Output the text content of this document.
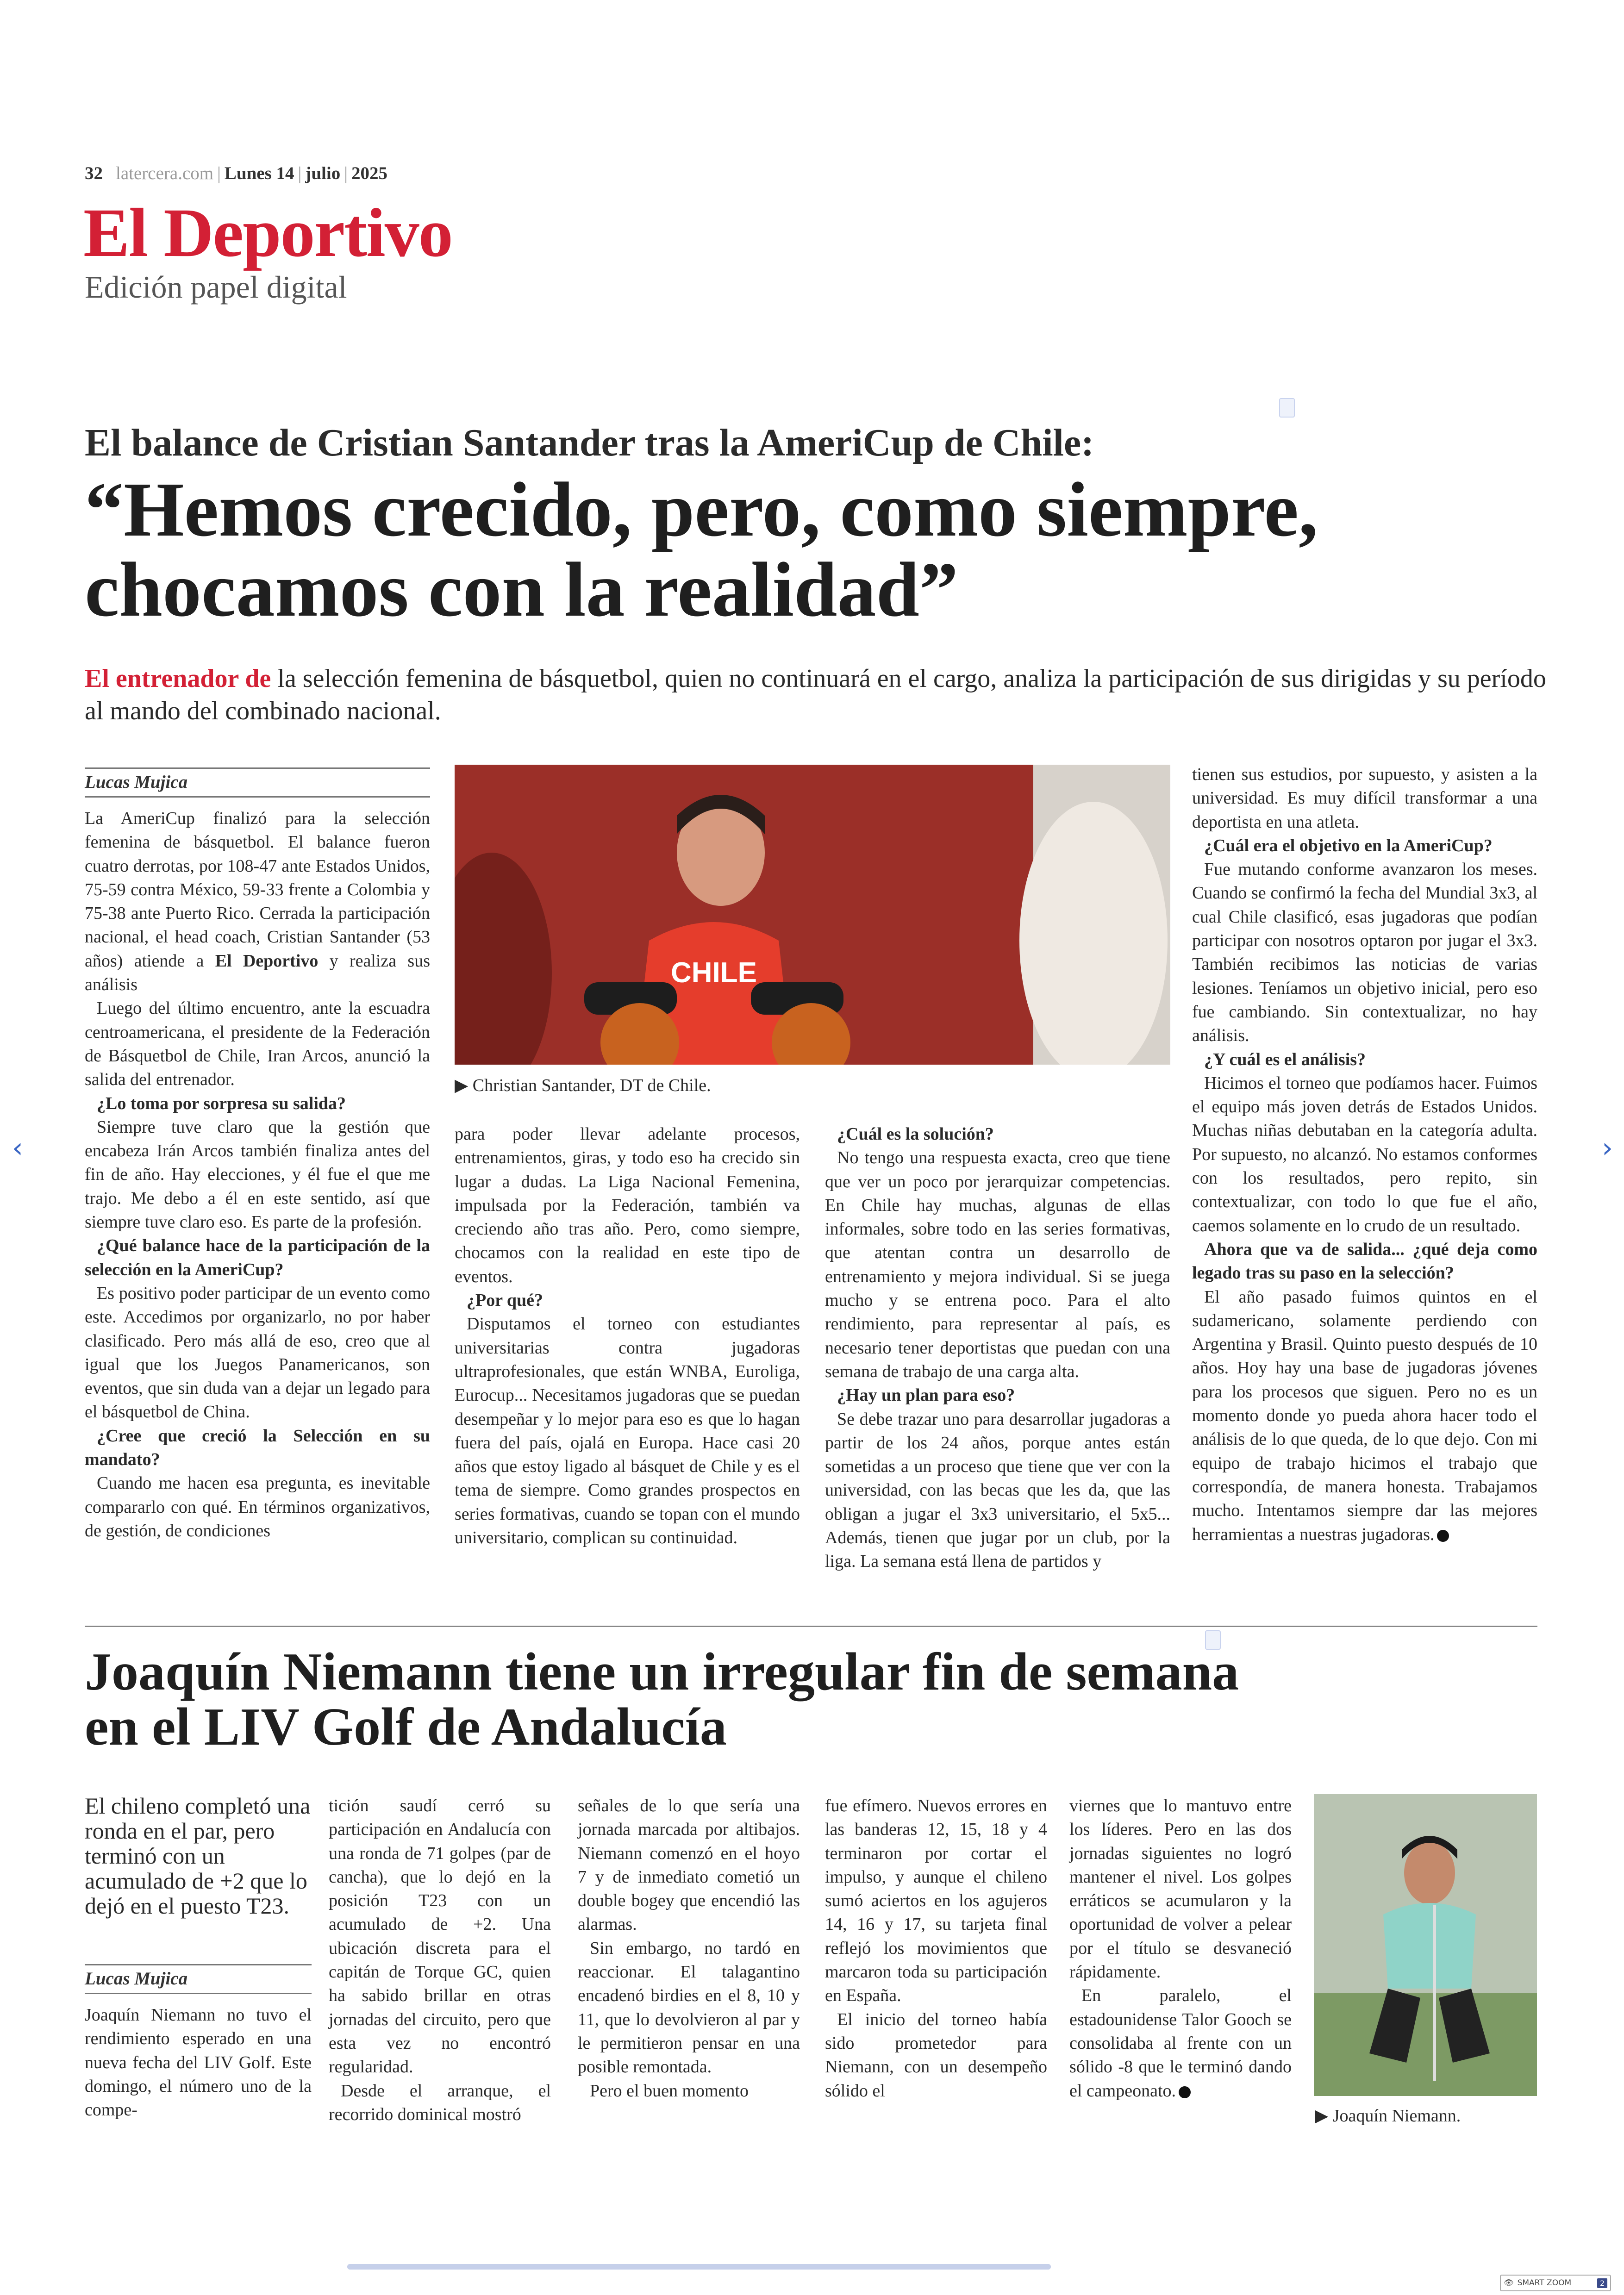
32 latercera.com | Lunes 14 | julio | 2025
El Deportivo
Edición papel digital
El balance de Cristian Santander tras la AmeriCup de Chile:
“Hemos crecido, pero, como siempre, chocamos con la realidad”
El entrenador de la selección femenina de básquetbol, quien no continuará en el cargo, analiza la participación de sus dirigidas y su período al mando del combinado nacional.
Lucas Mujica

La AmeriCup finalizó para la selección femenina de básquetbol. El balance fueron cuatro derrotas, por 108-47 ante Estados Unidos, 75-59 contra México, 59-33 frente a Colombia y 75-38 ante Puerto Rico. Cerrada la participación nacional, el head coach, Cristian Santander (53 años) atiende a El Deportivo y realiza sus análisis

Luego del último encuentro, ante la escuadra centroamericana, el presidente de la Federación de Básquetbol de Chile, Iran Arcos, anunció la salida del entrenador.

¿Lo toma por sorpresa su salida?

Siempre tuve claro que la gestión que encabeza Irán Arcos también finaliza antes del fin de año. Hay elecciones, y él fue el que me trajo. Me debo a él en este sentido, así que siempre tuve claro eso. Es parte de la profesión.

¿Qué balance hace de la participación de la selección en la AmeriCup?

Es positivo poder participar de un evento como este. Accedimos por organizarlo, no por haber clasificado. Pero más allá de eso, creo que al igual que los Juegos Panamericanos, son eventos, que sin duda van a dejar un legado para el básquetbol de China.

¿Cree que creció la Selección en su mandato?

Cuando me hacen esa pregunta, es inevitable compararlo con qué. En términos organizativos, de gestión, de condiciones

CHILE
▶ Christian Santander, DT de Chile.

para poder llevar adelante procesos, entrenamientos, giras, y todo eso ha crecido sin lugar a dudas. La Liga Nacional Femenina, impulsada por la Federación, también va creciendo año tras año. Pero, como siempre, chocamos con la realidad en este tipo de eventos.

¿Por qué?

Disputamos el torneo con estudiantes universitarias contra jugadoras ultraprofesionales, que están WNBA, Euroliga, Eurocup... Necesitamos jugadoras que se puedan desempeñar y lo mejor para eso es que lo hagan fuera del país, ojalá en Europa. Hace casi 20 años que estoy ligado al básquet de Chile y es el tema de siempre. Como grandes prospectos en series formativas, cuando se topan con el mundo universitario, complican su continuidad.

¿Cuál es la solución?

No tengo una respuesta exacta, creo que tiene que ver un poco por jerarquizar competencias. En Chile hay muchas, algunas de ellas informales, sobre todo en las series formativas, que atentan contra un desarrollo de entrenamiento y mejora individual. Si se juega mucho y se entrena poco. Para el alto rendimiento, para representar al país, es necesario tener deportistas que puedan con una semana de trabajo de una carga alta.

¿Hay un plan para eso?

Se debe trazar uno para desarrollar jugadoras a partir de los 24 años, porque antes están sometidas a un proceso que tiene que ver con la universidad, con las becas que les da, que las obligan a jugar el 3x3 universitario, el 5x5... Además, tienen que jugar por un club, por la liga. La semana está llena de partidos y

tienen sus estudios, por supuesto, y asisten a la universidad. Es muy difícil transformar a una deportista en una atleta.

¿Cuál era el objetivo en la AmeriCup?

Fue mutando conforme avanzaron los meses. Cuando se confirmó la fecha del Mundial 3x3, al cual Chile clasificó, esas jugadoras que podían participar con nosotros optaron por jugar el 3x3. También recibimos las noticias de varias lesiones. Teníamos un objetivo inicial, pero eso fue cambiando. Sin contextualizar, no hay análisis.

¿Y cuál es el análisis?

Hicimos el torneo que podíamos hacer. Fuimos el equipo más joven detrás de Estados Unidos. Muchas niñas debutaban en la categoría adulta. Por supuesto, no alcanzó. No estamos conformes con los resultados, pero repito, sin contextualizar, con todo lo que fue el año, caemos solamente en lo crudo de un resultado.

Ahora que va de salida... ¿qué deja como legado tras su paso en la selección?

El año pasado fuimos quintos en el sudamericano, solamente perdiendo con Argentina y Brasil. Quinto puesto después de 10 años. Hoy hay una base de jugadoras jóvenes para los procesos que siguen. Pero no es un momento donde yo pueda ahora hacer todo el análisis de lo que queda, de lo que dejo. Con mi equipo de trabajo hicimos el trabajo que correspondía, de manera honesta. Trabajamos mucho. Intentamos siempre dar las mejores herramientas a nuestras jugadoras.

Joaquín Niemann tiene un irregular fin de semana en el LIV Golf de Andalucía
El chileno completó una ronda en el par, pero terminó con un acumulado de +2 que lo dejó en el puesto T23.
Lucas Mujica

Joaquín Niemann no tuvo el rendimiento esperado en una nueva fecha del LIV Golf. Este domingo, el número uno de la compe-

tición saudí cerró su participación en Andalucía con una ronda de 71 golpes (par de cancha), que lo dejó en la posición T23 con un acumulado de +2. Una ubicación discreta para el capitán de Torque GC, quien ha sabido brillar en otras jornadas del circuito, pero que esta vez no encontró regularidad.

Desde el arranque, el recorrido dominical mostró

señales de lo que sería una jornada marcada por altibajos. Niemann comenzó en el hoyo 7 y de inmediato cometió un double bogey que encendió las alarmas.

Sin embargo, no tardó en reaccionar. El talagantino encadenó birdies en el 8, 10 y 11, que lo devolvieron al par y le permitieron pensar en una posible remontada.

Pero el buen momento

fue efímero. Nuevos errores en las banderas 12, 15, 18 y 4 terminaron por cortar el impulso, y aunque el chileno sumó aciertos en los agujeros 14, 16 y 17, su tarjeta final reflejó los movimientos que marcaron toda su participación en España.

El inicio del torneo había sido prometedor para Niemann, con un desempeño sólido el

viernes que lo mantuvo entre los líderes. Pero en las dos jornadas siguientes no logró mantener el nivel. Los golpes erráticos se acumularon y la oportunidad de volver a pelear por el título se desvaneció rápidamente.

En paralelo, el estadounidense Talor Gooch se consolidaba al frente con un sólido -8 que le terminó dando el campeonato.

▶ Joaquín Niemann.
‹	›
👁 SMART ZOOM	2
